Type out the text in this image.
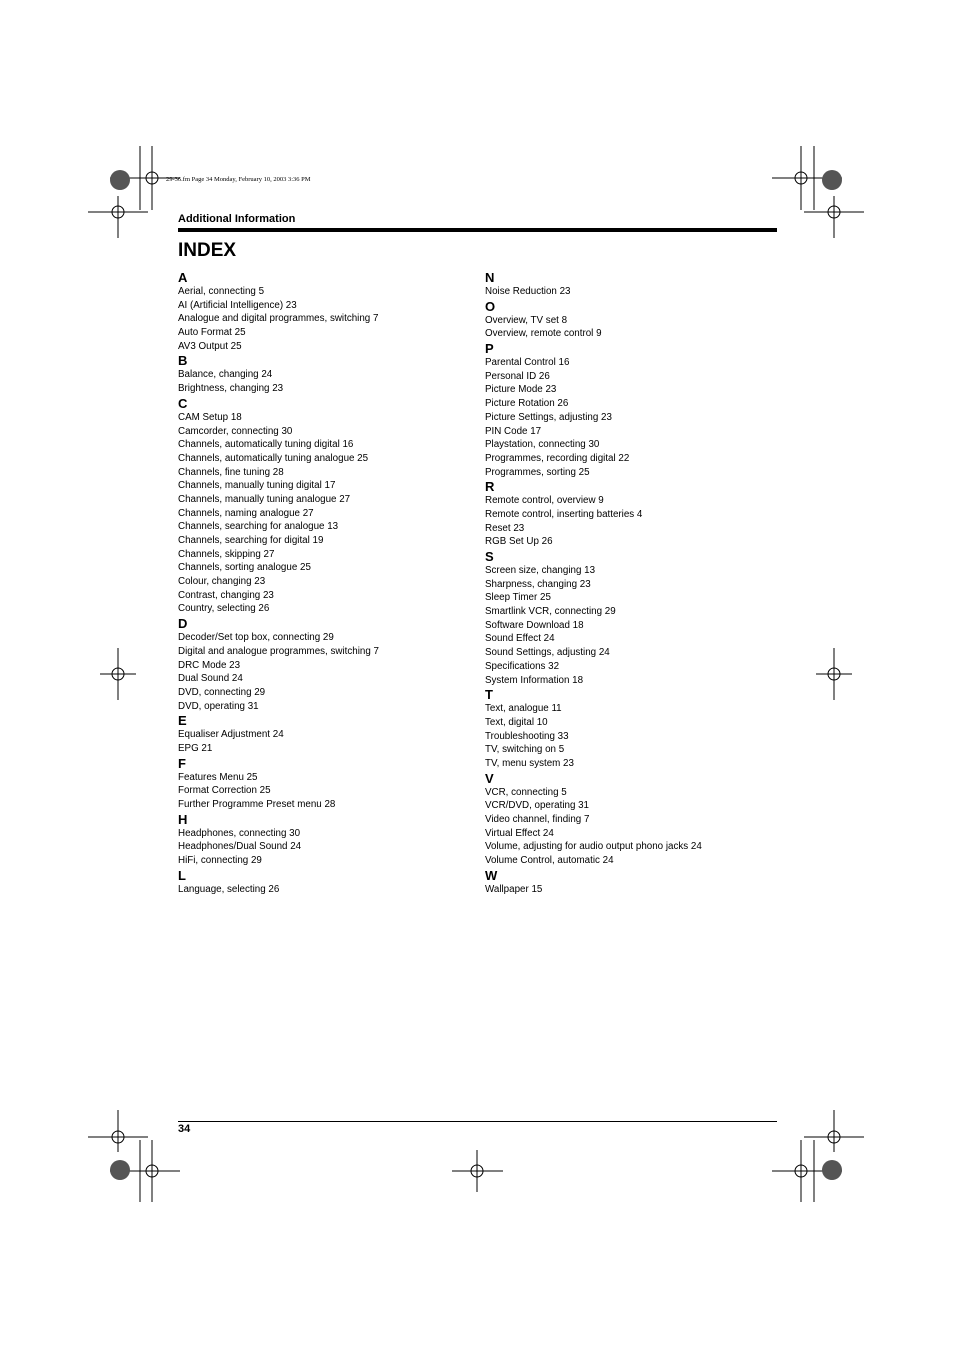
29-36.fm Page 34 Monday, February 10, 2003 3:36 PM
Additional Information
INDEX
A
Aerial, connecting 5
AI (Artificial Intelligence) 23
Analogue and digital programmes, switching 7
Auto Format 25
AV3 Output 25
B
Balance, changing 24
Brightness, changing 23
C
CAM Setup 18
Camcorder, connecting 30
Channels, automatically tuning digital 16
Channels, automatically tuning analogue 25
Channels, fine tuning 28
Channels, manually tuning digital 17
Channels, manually tuning analogue 27
Channels, naming analogue 27
Channels, searching for analogue 13
Channels, searching for digital 19
Channels, skipping 27
Channels, sorting analogue 25
Colour, changing 23
Contrast, changing 23
Country, selecting 26
D
Decoder/Set top box, connecting 29
Digital and analogue programmes, switching 7
DRC Mode 23
Dual Sound 24
DVD, connecting 29
DVD, operating 31
E
Equaliser Adjustment 24
EPG 21
F
Features Menu 25
Format Correction 25
Further Programme Preset menu 28
H
Headphones, connecting 30
Headphones/Dual Sound 24
HiFi, connecting 29
L
Language, selecting 26
N
Noise Reduction 23
O
Overview, TV set 8
Overview, remote control 9
P
Parental Control 16
Personal ID 26
Picture Mode 23
Picture Rotation 26
Picture Settings, adjusting 23
PIN Code 17
Playstation, connecting 30
Programmes, recording digital 22
Programmes, sorting 25
R
Remote control, overview 9
Remote control, inserting batteries 4
Reset 23
RGB Set Up 26
S
Screen size, changing 13
Sharpness, changing 23
Sleep Timer 25
Smartlink VCR, connecting 29
Software Download 18
Sound Effect 24
Sound Settings, adjusting 24
Specifications 32
System Information 18
T
Text, analogue 11
Text, digital 10
Troubleshooting 33
TV, switching on 5
TV, menu system 23
V
VCR, connecting 5
VCR/DVD, operating 31
Video channel, finding 7
Virtual Effect 24
Volume, adjusting for audio output phono jacks 24
Volume Control, automatic 24
W
Wallpaper 15
34
